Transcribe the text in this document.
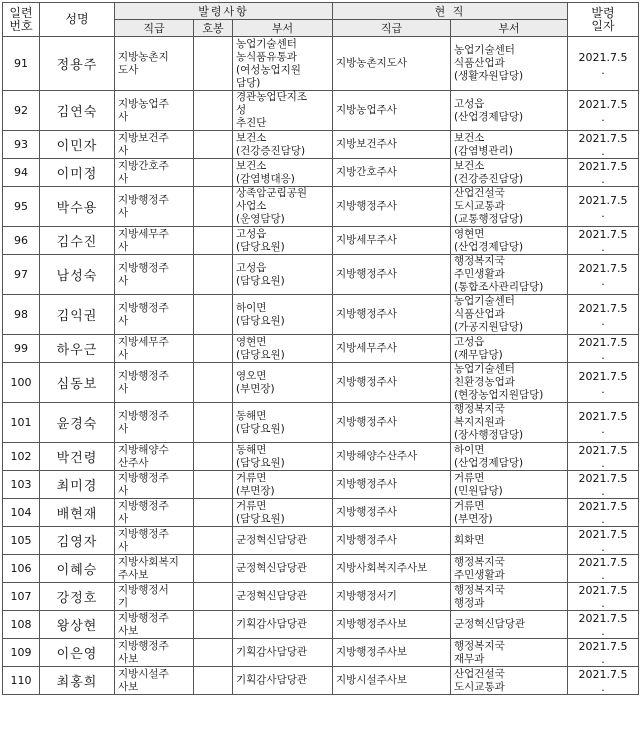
일련
번호	성명	발령사항			현 직		발령
일자
		직급	호봉	부서	직급	부서	
91	정용주	지방농촌지
도사		농업기술센터
농식품유통과
(여성농업지원
담당)	지방농촌지도사	농업기술센터
식품산업과
(생활자원담당)	2021.7.5
.

92	김연숙	지방농업주
사		경관농업단지조
성
추진단	지방농업주사	고성읍
(산업경제담당)	2021.7.5
.

93	이민자	지방보건주
사		보건소
(건강증진담당)	지방보건주사	보건소
(감염병관리)	2021.7.5
.

94	이미정	지방간호주
사		보건소
(감염병대응)	지방간호주사	보건소
(건강증진담당)	2021.7.5
.

95	박수용	지방행정주
사		상족암군립공원
사업소
(운영담당)	지방행정주사	산업건설국
도시교통과
(교통행정담당)	2021.7.5
.

96	김수진	지방세무주
사		고성읍
(담당요원)	지방세무주사	영현면
(산업경제담당)	2021.7.5
.

97	남성숙	지방행정주
사		고성읍
(담당요원)	지방행정주사	행정복지국
주민생활과
(통합조사관리담당)	2021.7.5
.

98	김익권	지방행정주
사		하이면
(담당요원)	지방행정주사	농업기술센터
식품산업과
(가공지원담당)	2021.7.5
.

99	하우근	지방세무주
사		영현면
(담당요원)	지방세무주사	고성읍
(재무담당)	2021.7.5
.

100	심동보	지방행정주
사		영오면
(부면장)	지방행정주사	농업기술센터
친환경농업과
(현장농업지원담당)	2021.7.5
.

101	윤경숙	지방행정주
사		동해면
(담당요원)	지방행정주사	행정복지국
복지지원과
(장사행정담당)	2021.7.5
.

102	박건령	지방해양수
산주사		동해면
(담당요원)	지방해양수산주사	하이면
(산업경제담당)	2021.7.5
.

103	최미경	지방행정주
사		거류면
(부면장)	지방행정주사	거류면
(민원담당)	2021.7.5
.

104	배현재	지방행정주
사		거류면
(담당요원)	지방행정주사	거류면
(부면장)	2021.7.5
.

105	김영자	지방행정주
사		군정혁신담당관	지방행정주사	회화면	2021.7.5
.

106	이혜승	지방사회복지
주사보		군정혁신담당관	지방사회복지주사보	행정복지국
주민생활과	2021.7.5
.

107	강정호	지방행정서
기		군정혁신담당관	지방행정서기	행정복지국
행정과	2021.7.5
.

108	왕상현	지방행정주
사보		기획감사담당관	지방행정주사보	군정혁신담당관	2021.7.5
.

109	이은영	지방행정주
사보		기획감사담당관	지방행정주사보	행정복지국
재무과	2021.7.5
.

110	최홍희	지방시설주
사보		기획감사담당관	지방시설주사보	산업건설국
도시교통과	2021.7.5
.
